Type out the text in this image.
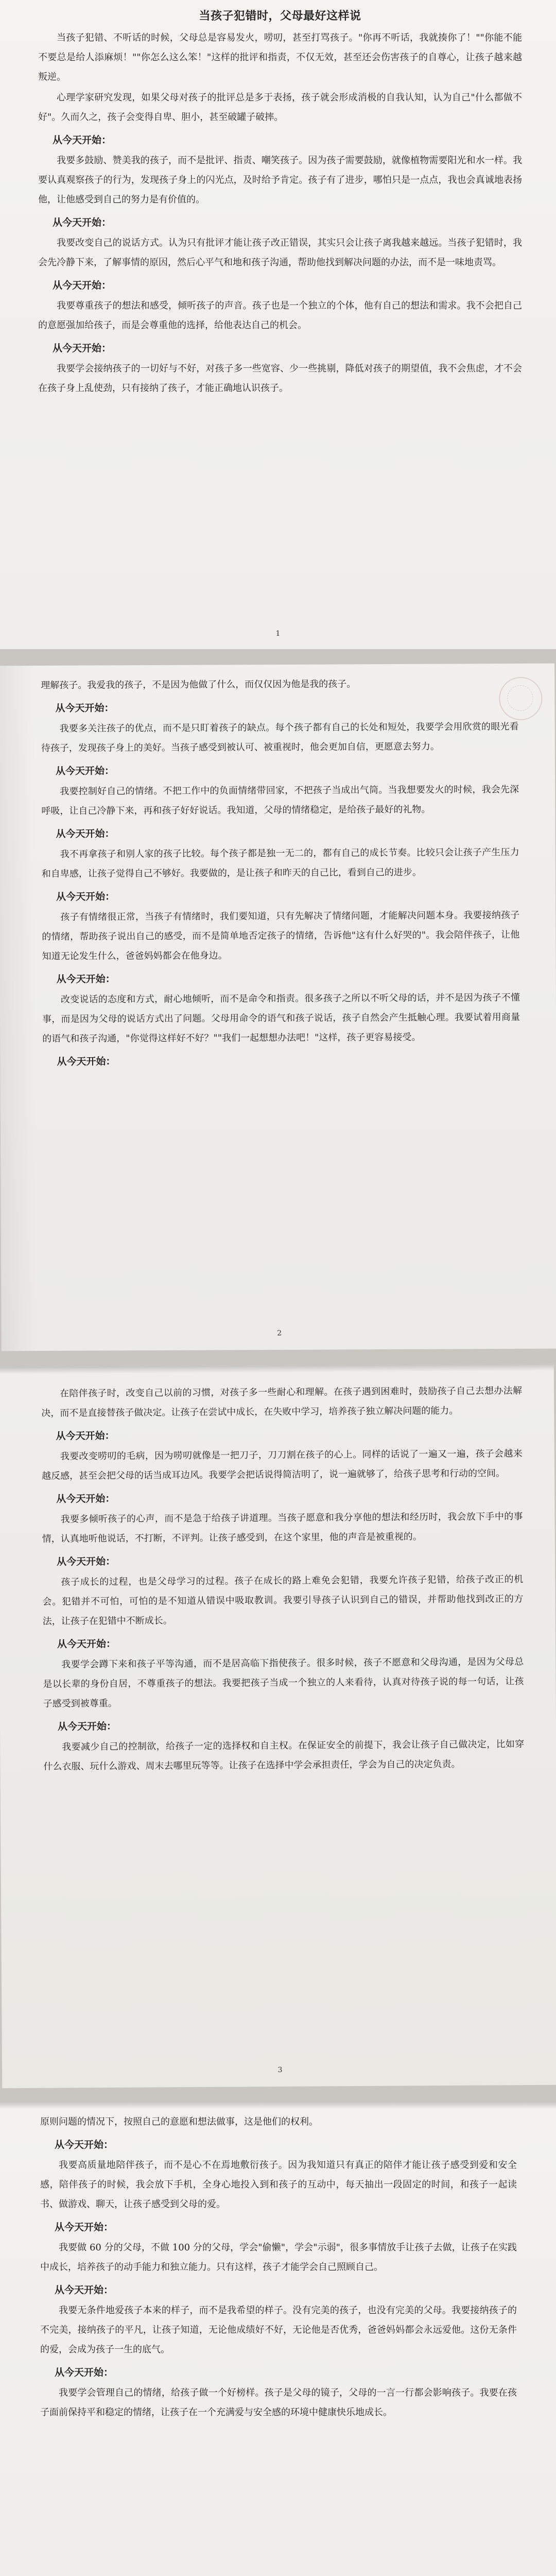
当孩子犯错时，父母最好这样说

当孩子犯错、不听话的时候，父母总是容易发火，唠叨，甚至打骂孩子。"你再不听话，我就揍你了！""你能不能不要总是给人添麻烦！""你怎么这么笨！"这样的批评和指责，不仅无效，甚至还会伤害孩子的自尊心，让孩子越来越叛逆。

心理学家研究发现，如果父母对孩子的批评总是多于表扬，孩子就会形成消极的自我认知，认为自己"什么都做不好"。久而久之，孩子会变得自卑、胆小，甚至破罐子破摔。

从今天开始：

我要多鼓励、赞美我的孩子，而不是批评、指责、嘲笑孩子。因为孩子需要鼓励，就像植物需要阳光和水一样。我要认真观察孩子的行为，发现孩子身上的闪光点，及时给予肯定。孩子有了进步，哪怕只是一点点，我也会真诚地表扬他，让他感受到自己的努力是有价值的。

从今天开始：

我要改变自己的说话方式。认为只有批评才能让孩子改正错误，其实只会让孩子离我越来越远。当孩子犯错时，我会先冷静下来，了解事情的原因，然后心平气和地和孩子沟通，帮助他找到解决问题的办法，而不是一味地责骂。

从今天开始：

我要尊重孩子的想法和感受，倾听孩子的声音。孩子也是一个独立的个体，他有自己的想法和需求。我不会把自己的意愿强加给孩子，而是会尊重他的选择，给他表达自己的机会。

从今天开始：

我要学会接纳孩子的一切好与不好，对孩子多一些宽容、少一些挑剔，降低对孩子的期望值，我不会焦虑，才不会在孩子身上乱使劲，只有接纳了孩子，才能正确地认识孩子。

1

理解孩子。我爱我的孩子，不是因为他做了什么，而仅仅因为他是我的孩子。

从今天开始：

我要多关注孩子的优点，而不是只盯着孩子的缺点。每个孩子都有自己的长处和短处，我要学会用欣赏的眼光看待孩子，发现孩子身上的美好。当孩子感受到被认可、被重视时，他会更加自信，更愿意去努力。

从今天开始：

我要控制好自己的情绪。不把工作中的负面情绪带回家，不把孩子当成出气筒。当我想要发火的时候，我会先深呼吸，让自己冷静下来，再和孩子好好说话。我知道，父母的情绪稳定，是给孩子最好的礼物。

从今天开始：

我不再拿孩子和别人家的孩子比较。每个孩子都是独一无二的，都有自己的成长节奏。比较只会让孩子产生压力和自卑感，让孩子觉得自己不够好。我要做的，是让孩子和昨天的自己比，看到自己的进步。

从今天开始：

孩子有情绪很正常，当孩子有情绪时，我们要知道，只有先解决了情绪问题，才能解决问题本身。我要接纳孩子的情绪，帮助孩子说出自己的感受，而不是简单地否定孩子的情绪，告诉他"这有什么好哭的"。我会陪伴孩子，让他知道无论发生什么，爸爸妈妈都会在他身边。

从今天开始：

改变说话的态度和方式，耐心地倾听，而不是命令和指责。很多孩子之所以不听父母的话，并不是因为孩子不懂事，而是因为父母的说话方式出了问题。父母用命令的语气和孩子说话，孩子自然会产生抵触心理。我要试着用商量的语气和孩子沟通，"你觉得这样好不好？""我们一起想想办法吧！"这样，孩子更容易接受。

从今天开始：
2

在陪伴孩子时，改变自己以前的习惯，对孩子多一些耐心和理解。在孩子遇到困难时，鼓励孩子自己去想办法解决，而不是直接替孩子做决定。让孩子在尝试中成长，在失败中学习，培养孩子独立解决问题的能力。

从今天开始：

我要改变唠叨的毛病，因为唠叨就像是一把刀子，刀刀割在孩子的心上。同样的话说了一遍又一遍，孩子会越来越反感，甚至会把父母的话当成耳边风。我要学会把话说得简洁明了，说一遍就够了，给孩子思考和行动的空间。

从今天开始：

我要多倾听孩子的心声，而不是急于给孩子讲道理。当孩子愿意和我分享他的想法和经历时，我会放下手中的事情，认真地听他说话，不打断，不评判。让孩子感受到，在这个家里，他的声音是被重视的。

从今天开始：

孩子成长的过程，也是父母学习的过程。孩子在成长的路上难免会犯错，我要允许孩子犯错，给孩子改正的机会。犯错并不可怕，可怕的是不知道从错误中吸取教训。我要引导孩子认识到自己的错误，并帮助他找到改正的方法，让孩子在犯错中不断成长。

从今天开始：

我要学会蹲下来和孩子平等沟通，而不是居高临下指使孩子。很多时候，孩子不愿意和父母沟通，是因为父母总是以长辈的身份自居，不尊重孩子的想法。我要把孩子当成一个独立的人来看待，认真对待孩子说的每一句话，让孩子感受到被尊重。

从今天开始：

我要减少自己的控制欲，给孩子一定的选择权和自主权。在保证安全的前提下，我会让孩子自己做决定，比如穿什么衣服、玩什么游戏、周末去哪里玩等等。让孩子在选择中学会承担责任，学会为自己的决定负责。

3

原则问题的情况下，按照自己的意愿和想法做事，这是他们的权利。

从今天开始：

我要高质量地陪伴孩子，而不是心不在焉地敷衍孩子。因为我知道只有真正的陪伴才能让孩子感受到爱和安全感，陪伴孩子的时候，我会放下手机，全身心地投入到和孩子的互动中，每天抽出一段固定的时间，和孩子一起读书、做游戏、聊天，让孩子感受到父母的爱。

从今天开始：

我要做 60 分的父母，不做 100 分的父母，学会"偷懒"，学会"示弱"，很多事情放手让孩子去做，让孩子在实践中成长，培养孩子的动手能力和独立能力。只有这样，孩子才能学会自己照顾自己。

从今天开始：

我要无条件地爱孩子本来的样子，而不是我希望的样子。没有完美的孩子，也没有完美的父母。我要接纳孩子的不完美，接纳孩子的平凡，让孩子知道，无论他成绩好不好，无论他是否优秀，爸爸妈妈都会永远爱他。这份无条件的爱，会成为孩子一生的底气。

从今天开始：

我要学会管理自己的情绪，给孩子做一个好榜样。孩子是父母的镜子，父母的一言一行都会影响孩子。我要在孩子面前保持平和稳定的情绪，让孩子在一个充满爱与安全感的环境中健康快乐地成长。
